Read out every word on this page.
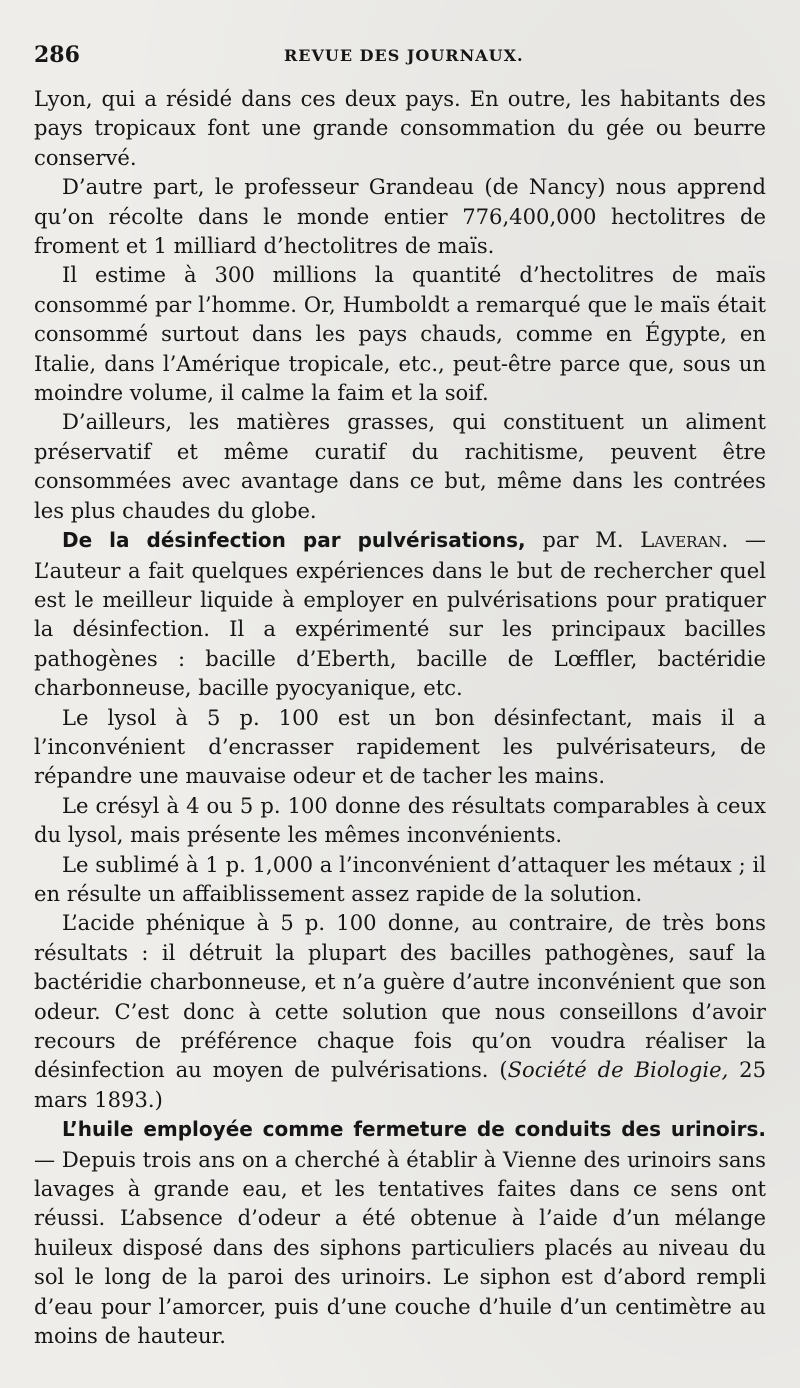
286	REVUE DES JOURNAUX.

Lyon, qui a résidé dans ces deux pays. En outre, les habitants des pays tropicaux font une grande consommation du gée ou beurre conservé.

D’autre part, le professeur Grandeau (de Nancy) nous apprend qu’on récolte dans le monde entier 776,400,000 hectolitres de froment et 1 milliard d’hectolitres de maïs.

Il estime à 300 millions la quantité d’hectolitres de maïs consommé par l’homme. Or, Humboldt a remarqué que le maïs était consommé surtout dans les pays chauds, comme en Égypte, en Italie, dans l’Amérique tropicale, etc., peut-être parce que, sous un moindre volume, il calme la faim et la soif.

D’ailleurs, les matières grasses, qui constituent un aliment préservatif et même curatif du rachitisme, peuvent être consommées avec avantage dans ce but, même dans les contrées les plus chaudes du globe.

De la désinfection par pulvérisations, par M. Laveran. — L’auteur a fait quelques expériences dans le but de rechercher quel est le meilleur liquide à employer en pulvérisations pour pratiquer la désinfection. Il a expérimenté sur les principaux bacilles pathogènes : bacille d’Eberth, bacille de Lœffler, bactéridie charbonneuse, bacille pyocyanique, etc.

Le lysol à 5 p. 100 est un bon désinfectant, mais il a l’inconvénient d’encrasser rapidement les pulvérisateurs, de répandre une mauvaise odeur et de tacher les mains.

Le crésyl à 4 ou 5 p. 100 donne des résultats comparables à ceux du lysol, mais présente les mêmes inconvénients.

Le sublimé à 1 p. 1,000 a l’inconvénient d’attaquer les métaux ; il en résulte un affaiblissement assez rapide de la solution.

L’acide phénique à 5 p. 100 donne, au contraire, de très bons résultats : il détruit la plupart des bacilles pathogènes, sauf la bactéridie charbonneuse, et n’a guère d’autre inconvénient que son odeur. C’est donc à cette solution que nous conseillons d’avoir recours de préférence chaque fois qu’on voudra réaliser la désinfection au moyen de pulvérisations. (Société de Biologie, 25 mars 1893.)

L’huile employée comme fermeture de conduits des urinoirs. — Depuis trois ans on a cherché à établir à Vienne des urinoirs sans lavages à grande eau, et les tentatives faites dans ce sens ont réussi. L’absence d’odeur a été obtenue à l’aide d’un mélange huileux disposé dans des siphons particuliers placés au niveau du sol le long de la paroi des urinoirs. Le siphon est d’abord rempli d’eau pour l’amorcer, puis d’une couche d’huile d’un centimètre au moins de hauteur.
